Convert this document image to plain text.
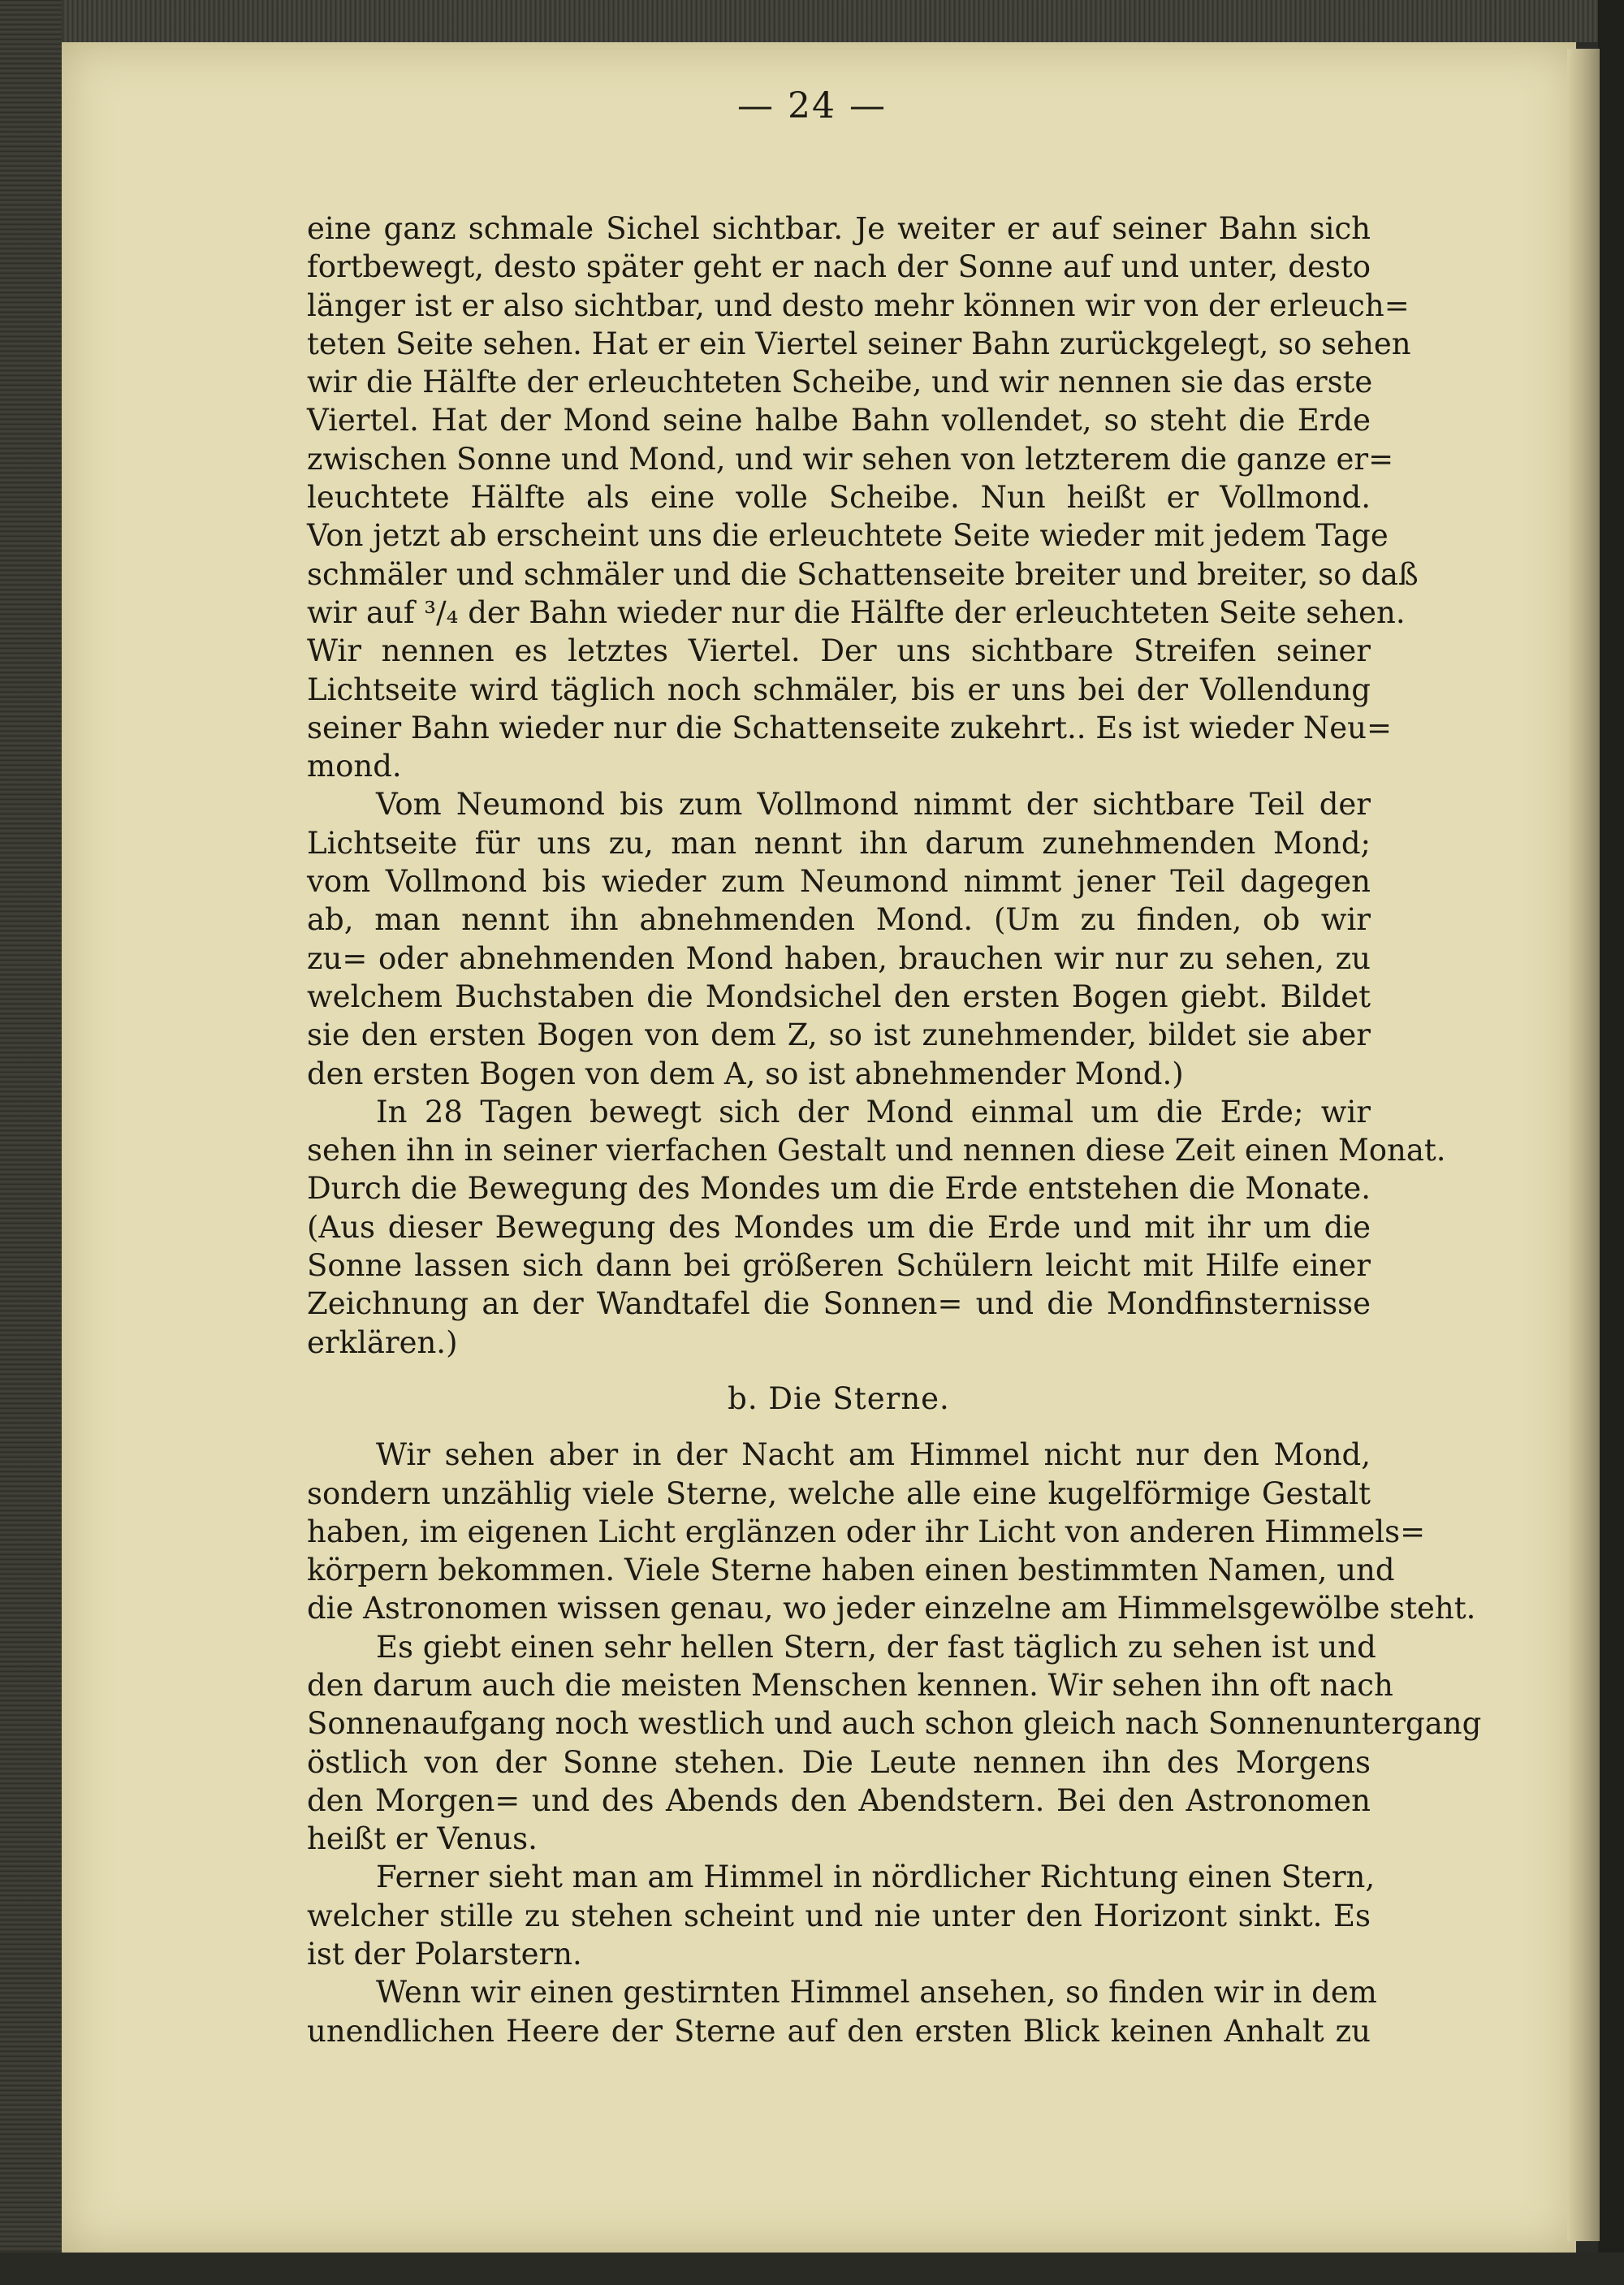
— 24 —
eine ganz schmale Sichel sichtbar. Je weiter er auf seiner Bahn sich
fortbewegt, desto später geht er nach der Sonne auf und unter, desto
länger ist er also sichtbar, und desto mehr können wir von der erleuch=
teten Seite sehen. Hat er ein Viertel seiner Bahn zurückgelegt, so sehen
wir die Hälfte der erleuchteten Scheibe, und wir nennen sie das erste
Viertel. Hat der Mond seine halbe Bahn vollendet, so steht die Erde
zwischen Sonne und Mond, und wir sehen von letzterem die ganze er=
leuchtete Hälfte als eine volle Scheibe. Nun heißt er Vollmond.
Von jetzt ab erscheint uns die erleuchtete Seite wieder mit jedem Tage
schmäler und schmäler und die Schattenseite breiter und breiter, so daß
wir auf ³/₄ der Bahn wieder nur die Hälfte der erleuchteten Seite sehen.
Wir nennen es letztes Viertel. Der uns sichtbare Streifen seiner
Lichtseite wird täglich noch schmäler, bis er uns bei der Vollendung
seiner Bahn wieder nur die Schattenseite zukehrt.. Es ist wieder Neu=
mond.
Vom Neumond bis zum Vollmond nimmt der sichtbare Teil der
Lichtseite für uns zu, man nennt ihn darum zunehmenden Mond;
vom Vollmond bis wieder zum Neumond nimmt jener Teil dagegen
ab, man nennt ihn abnehmenden Mond. (Um zu finden, ob wir
zu= oder abnehmenden Mond haben, brauchen wir nur zu sehen, zu
welchem Buchstaben die Mondsichel den ersten Bogen giebt. Bildet
sie den ersten Bogen von dem Z, so ist zunehmender, bildet sie aber
den ersten Bogen von dem A, so ist abnehmender Mond.)
In 28 Tagen bewegt sich der Mond einmal um die Erde; wir
sehen ihn in seiner vierfachen Gestalt und nennen diese Zeit einen Monat.
Durch die Bewegung des Mondes um die Erde entstehen die Monate.
(Aus dieser Bewegung des Mondes um die Erde und mit ihr um die
Sonne lassen sich dann bei größeren Schülern leicht mit Hilfe einer
Zeichnung an der Wandtafel die Sonnen= und die Mondfinsternisse
erklären.)
b. Die Sterne.
Wir sehen aber in der Nacht am Himmel nicht nur den Mond,
sondern unzählig viele Sterne, welche alle eine kugelförmige Gestalt
haben, im eigenen Licht erglänzen oder ihr Licht von anderen Himmels=
körpern bekommen. Viele Sterne haben einen bestimmten Namen, und
die Astronomen wissen genau, wo jeder einzelne am Himmelsgewölbe steht.
Es giebt einen sehr hellen Stern, der fast täglich zu sehen ist und
den darum auch die meisten Menschen kennen. Wir sehen ihn oft nach
Sonnenaufgang noch westlich und auch schon gleich nach Sonnenuntergang
östlich von der Sonne stehen. Die Leute nennen ihn des Morgens
den Morgen= und des Abends den Abendstern. Bei den Astronomen
heißt er Venus.
Ferner sieht man am Himmel in nördlicher Richtung einen Stern,
welcher stille zu stehen scheint und nie unter den Horizont sinkt. Es
ist der Polarstern.
Wenn wir einen gestirnten Himmel ansehen, so finden wir in dem
unendlichen Heere der Sterne auf den ersten Blick keinen Anhalt zu
